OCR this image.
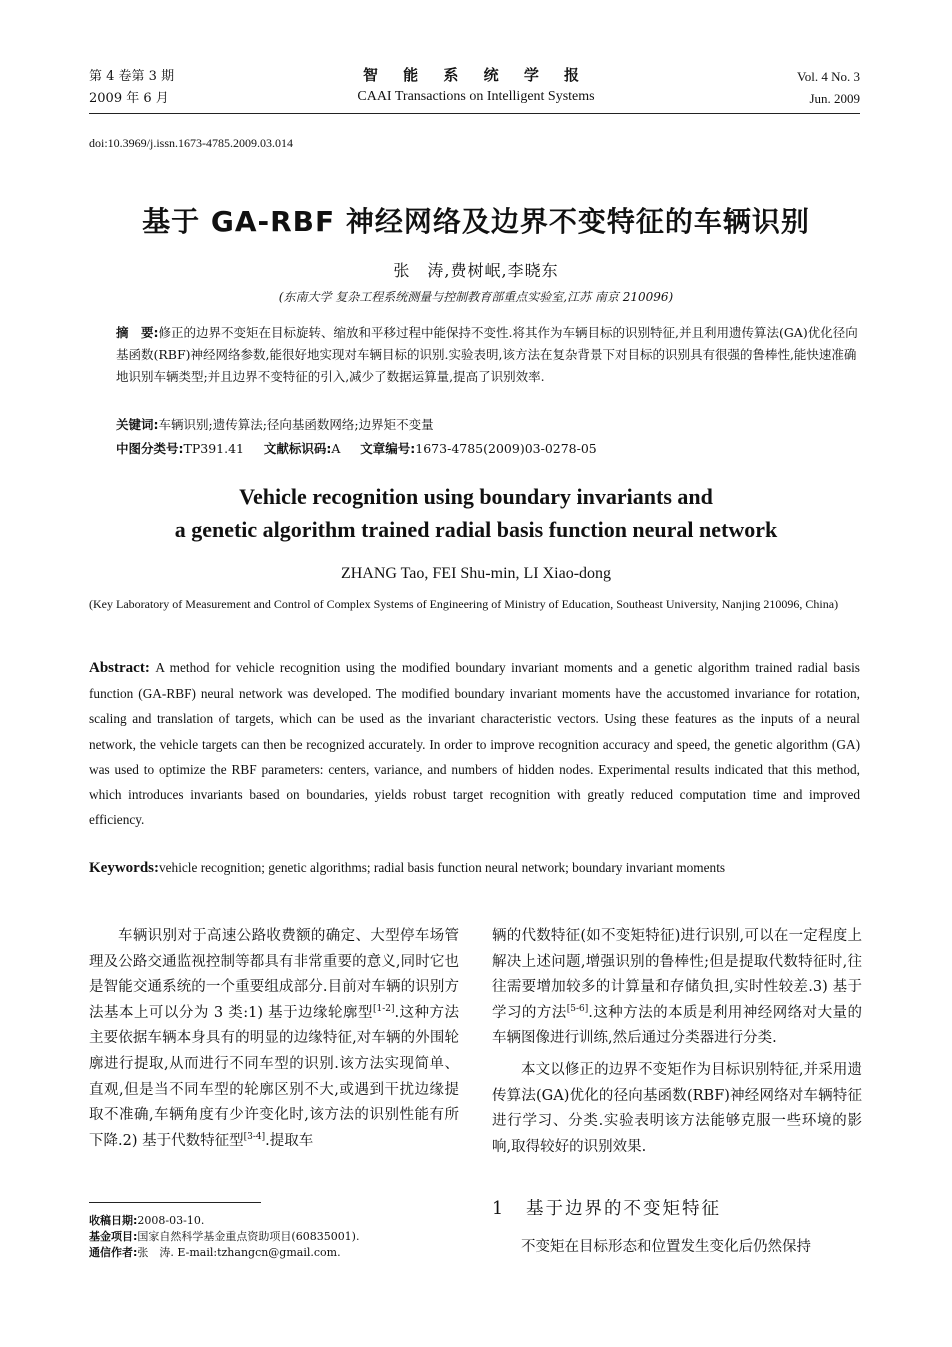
第 4 卷第 3 期
2009 年 6 月
智 能 系 统 学 报
CAAI Transactions on Intelligent Systems
Vol. 4 No. 3
Jun. 2009
doi:10.3969/j.issn.1673-4785.2009.03.014
基于 GA-RBF 神经网络及边界不变特征的车辆识别
张　涛,费树岷,李晓东
(东南大学 复杂工程系统测量与控制教育部重点实验室,江苏 南京 210096)
摘　要:修正的边界不变矩在目标旋转、缩放和平移过程中能保持不变性.将其作为车辆目标的识别特征,并且利用遗传算法(GA)优化径向基函数(RBF)神经网络参数,能很好地实现对车辆目标的识别.实验表明,该方法在复杂背景下对目标的识别具有很强的鲁棒性,能快速准确地识别车辆类型;并且边界不变特征的引入,减少了数据运算量,提高了识别效率.
关键词:车辆识别;遗传算法;径向基函数网络;边界矩不变量
中图分类号:TP391.41 文献标识码:A 文章编号:1673-4785(2009)03-0278-05
Vehicle recognition using boundary invariants and
a genetic algorithm trained radial basis function neural network
ZHANG Tao, FEI Shu-min, LI Xiao-dong
(Key Laboratory of Measurement and Control of Complex Systems of Engineering of Ministry of Education, Southeast University, Nanjing 210096, China)
Abstract: A method for vehicle recognition using the modified boundary invariant moments and a genetic algorithm trained radial basis function (GA-RBF) neural network was developed. The modified boundary invariant moments have the accustomed invariance for rotation, scaling and translation of targets, which can be used as the invariant characteristic vectors. Using these features as the inputs of a neural network, the vehicle targets can then be recognized accurately. In order to improve recognition accuracy and speed, the genetic algorithm (GA) was used to optimize the RBF parameters: centers, variance, and numbers of hidden nodes. Experimental results indicated that this method, which introduces invariants based on boundaries, yields robust target recognition with greatly reduced computation time and improved efficiency.
Keywords:vehicle recognition; genetic algorithms; radial basis function neural network; boundary invariant moments

车辆识别对于高速公路收费额的确定、大型停车场管理及公路交通监视控制等都具有非常重要的意义,同时它也是智能交通系统的一个重要组成部分.目前对车辆的识别方法基本上可以分为 3 类:1) 基于边缘轮廓型[1-2].这种方法主要依据车辆本身具有的明显的边缘特征,对车辆的外围轮廓进行提取,从而进行不同车型的识别.该方法实现简单、直观,但是当不同车型的轮廓区别不大,或遇到干扰边缘提取不准确,车辆角度有少许变化时,该方法的识别性能有所下降.2) 基于代数特征型[3-4].提取车

辆的代数特征(如不变矩特征)进行识别,可以在一定程度上解决上述问题,增强识别的鲁棒性;但是提取代数特征时,往往需要增加较多的计算量和存储负担,实时性较差.3) 基于学习的方法[5-6].这种方法的本质是利用神经网络对大量的车辆图像进行训练,然后通过分类器进行分类.

本文以修正的边界不变矩作为目标识别特征,并采用遗传算法(GA)优化的径向基函数(RBF)神经网络对车辆特征进行学习、分类.实验表明该方法能够克服一些环境的影响,取得较好的识别效果.

1 基于边界的不变矩特征
不变矩在目标形态和位置发生变化后仍然保持
收稿日期:2008-03-10.
基金项目:国家自然科学基金重点资助项目(60835001).
通信作者:张　涛. E-mail:tzhangcn@gmail.com.
